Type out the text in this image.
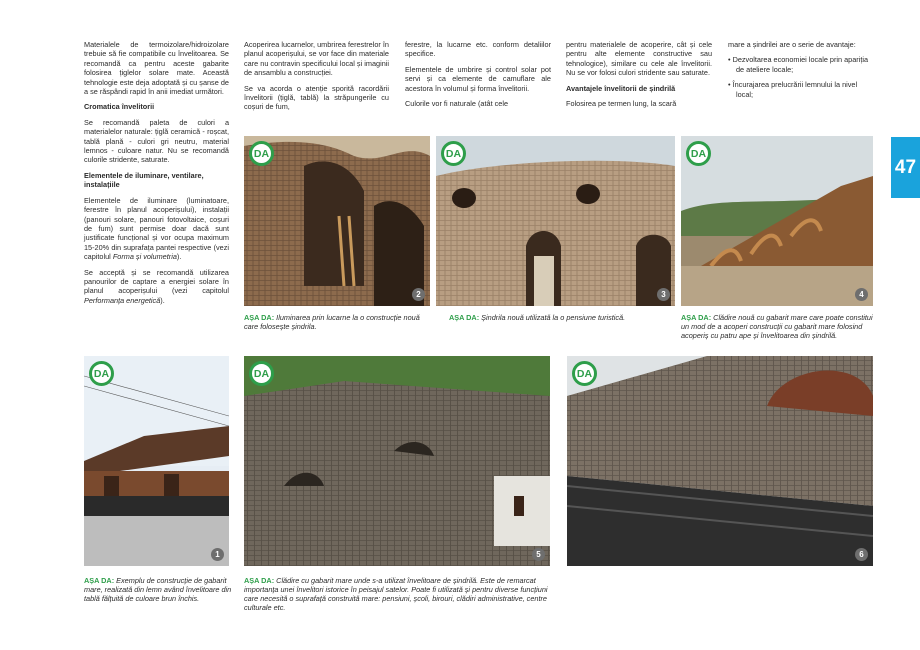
47

Materialele de termoizolare/hidroizolare trebuie să fie compatibile cu învelitoarea. Se recomandă ca pentru aceste gabarite folosirea țiglelor solare mate. Această tehnologie este deja adoptată și cu șanse de a se răspândi rapid în anii imediat următori.

Cromatica învelitorii

Se recomandă paleta de culori a materialelor naturale: țiglă ceramică - roșcat, tablă plană - culori gri neutru, material lemnos - culoare natur. Nu se recomandă culorile stridente, saturate.

Elementele de iluminare, ventilare, instalațiile

Elementele de iluminare (luminatoare, ferestre în planul acoperișului), instalații (panouri solare, panouri fotovoltaice, coșuri de fum) sunt permise doar dacă sunt justificate funcțional și vor ocupa maximum 15-20% din suprafața pantei respective (vezi capitolul Forma și volumetria).

Se acceptă și se recomandă utilizarea panourilor de captare a energiei solare în planul acoperișului (vezi capitolul Performanța energetică).

Acoperirea lucarnelor, umbrirea ferestrelor în planul acoperișului, se vor face din materiale care nu contravin specificului local și imaginii de ansamblu a construcției.

Se va acorda o atenție sporită racordării învelitorii (țiglă, tablă) la străpungerile cu coșuri de fum,

ferestre, la lucarne etc. conform detaliilor specifice.

Elementele de umbrire și control solar pot servi și ca elemente de camuflare ale acestora în volumul și forma învelitorii.

Culorile vor fi naturale (atât cele

pentru materialele de acoperire, cât și cele pentru alte elemente constructive sau tehnologice), similare cu cele ale învelitorii. Nu se vor folosi culori stridente sau saturate.

Avantajele învelitorii de șindrilă

Folosirea pe termen lung, la scară

mare a șindrilei are o serie de avantaje:

• Dezvoltarea economiei locale prin apariția de ateliere locale;
• Încurajarea prelucrării lemnului la nivel local;
DA
2
DA
3
DA
4
AȘA DA: Iluminarea prin lucarne la o construcție nouă care folosește șindrila.
AȘA DA: Șindrila nouă utilizată la o pensiune turistică.	AȘA DA: Clădire nouă cu gabarit mare care poate constitui un mod de a acoperi construcții cu gabarit mare folosind acoperiș cu patru ape și învelitoarea din șindrilă.
DA
1
DA
5
DA
6
AȘA DA: Exemplu de construcție de gabarit mare, realizată din lemn având învelitoare din tablă fălțuită de culoare brun închis.
AȘA DA: Clădire cu gabarit mare unde s-a utilizat învelitoare de șindrilă. Este de remarcat importanța unei învelitori istorice în peisajul satelor. Poate fi utilizată și pentru diverse funcțiuni care necesită o suprafață construită mare: pensiuni, școli, birouri, clădiri administrative, centre culturale etc.
